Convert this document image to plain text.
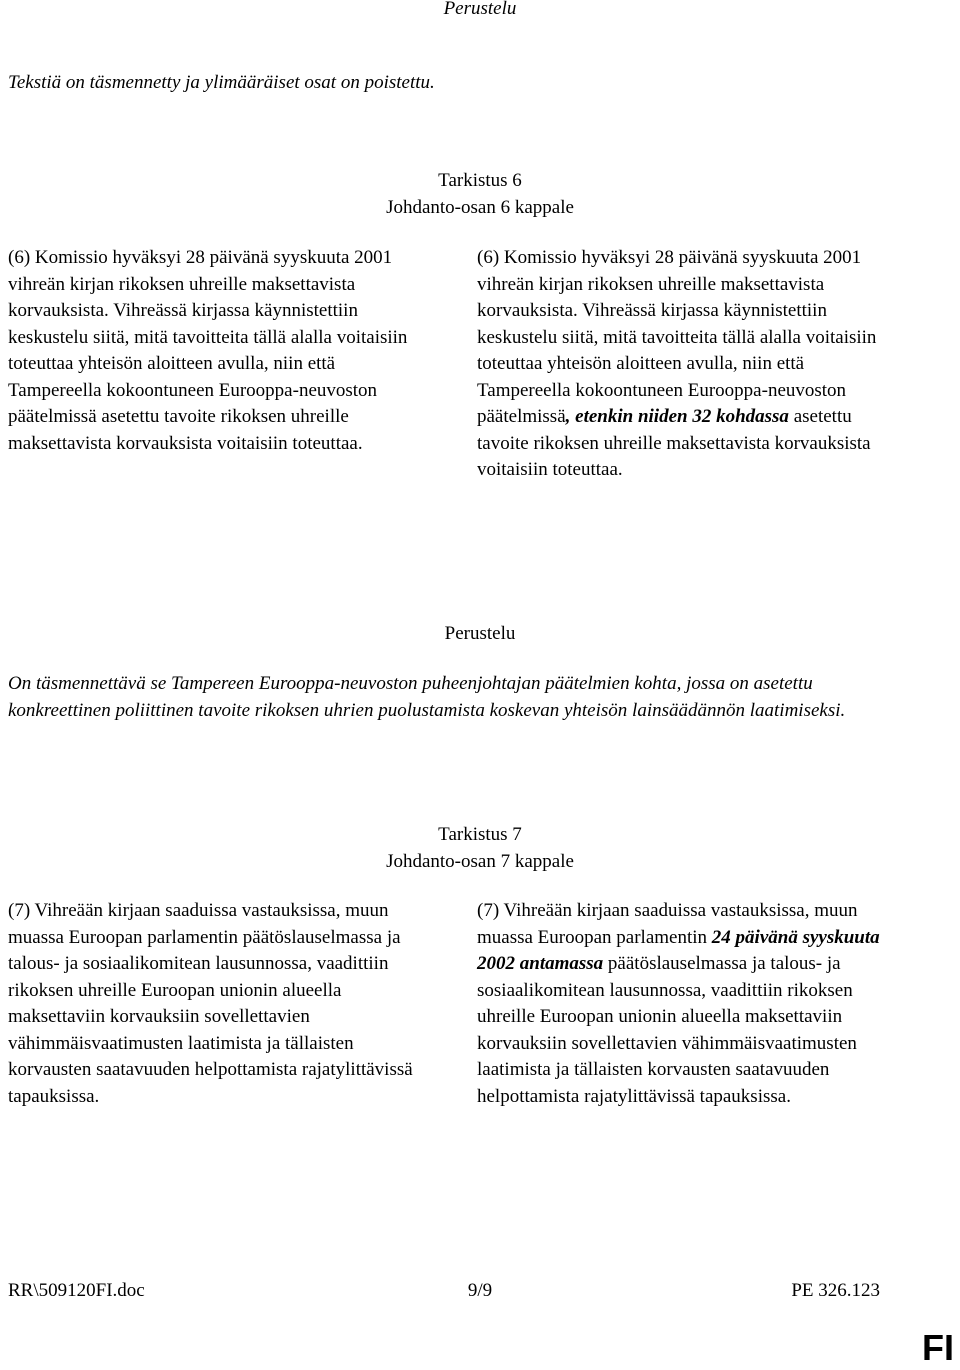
Perustelu
Tekstiä on täsmennetty ja ylimääräiset osat on poistettu.
Tarkistus 6
Johdanto-osan 6 kappale
(6) Komissio hyväksyi 28 päivänä syyskuuta 2001 vihreän kirjan rikoksen uhreille maksettavista korvauksista. Vihreässä kirjassa käynnistettiin keskustelu siitä, mitä tavoitteita tällä alalla voitaisiin toteuttaa yhteisön aloitteen avulla, niin että Tampereella kokoontuneen Eurooppa-neuvoston päätelmissä asetettu tavoite rikoksen uhreille maksettavista korvauksista voitaisiin toteuttaa.
(6) Komissio hyväksyi 28 päivänä syyskuuta 2001 vihreän kirjan rikoksen uhreille maksettavista korvauksista. Vihreässä kirjassa käynnistettiin keskustelu siitä, mitä tavoitteita tällä alalla voitaisiin toteuttaa yhteisön aloitteen avulla, niin että Tampereella kokoontuneen Eurooppa-neuvoston päätelmissä, etenkin niiden 32 kohdassa asetettu tavoite rikoksen uhreille maksettavista korvauksista voitaisiin toteuttaa.
Perustelu
On täsmennettävä se Tampereen Eurooppa-neuvoston puheenjohtajan päätelmien kohta, jossa on asetettu konkreettinen poliittinen tavoite rikoksen uhrien puolustamista koskevan yhteisön lainsäädännön laatimiseksi.
Tarkistus 7
Johdanto-osan 7 kappale
(7) Vihreään kirjaan saaduissa vastauksissa, muun muassa Euroopan parlamentin päätöslauselmassa ja talous- ja sosiaalikomitean lausunnossa, vaadittiin rikoksen uhreille Euroopan unionin alueella maksettaviin korvauksiin sovellettavien vähimmäisvaatimusten laatimista ja tällaisten korvausten saatavuuden helpottamista rajatylittävissä tapauksissa.
(7) Vihreään kirjaan saaduissa vastauksissa, muun muassa Euroopan parlamentin 24 päivänä syyskuuta 2002 antamassa päätöslauselmassa ja talous- ja sosiaalikomitean lausunnossa, vaadittiin rikoksen uhreille Euroopan unionin alueella maksettaviin korvauksiin sovellettavien vähimmäisvaatimusten laatimista ja tällaisten korvausten saatavuuden helpottamista rajatylittävissä tapauksissa.
RR\509120FI.doc	9/9	PE 326.123
FI
